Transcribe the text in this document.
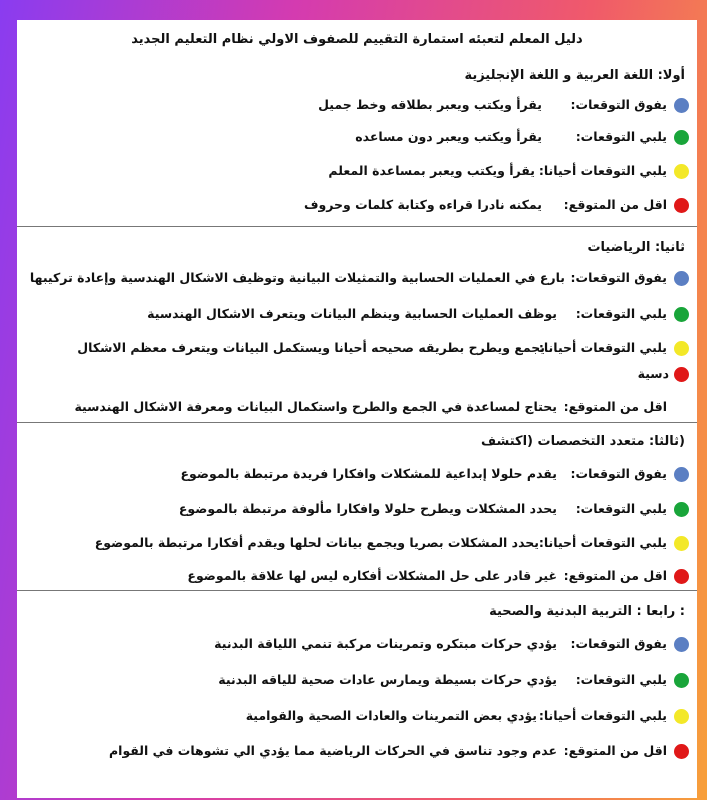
دليل المعلم لتعبئه استمارة التقييم للصفوف الاولي نظام التعليم الجديد
أولا: اللغة العربية و اللغة الإنجليزية
يفوق التوقعات:
يقرأ ويكتب ويعبر بطلاقه وخط جميل
يلبي التوقعات:
يقرأ ويكتب ويعبر دون مساعده
يلبي التوقعات أحيانا:
يقرأ ويكتب ويعبر بمساعدة المعلم
اقل من المتوقع:
يمكنه نادرا قراءه وكتابة كلمات وحروف
ثانيا: الرياضيات
يفوق التوقعات:
بارع في العمليات الحسابية والتمثيلات البيانية وتوظيف الاشكال الهندسية وإعادة تركيبها
يلبي التوقعات:
يوظف العمليات الحسابية وينظم البيانات ويتعرف الاشكال الهندسية
يلبي التوقعات أحيانا:
يجمع ويطرح بطريقه صحيحه أحيانا ويستكمل البيانات ويتعرف معظم الاشكال
دسية
اقل من المتوقع:
يحتاج لمساعدة في الجمع والطرح واستكمال البيانات ومعرفة الاشكال الهندسية
(ثالثا: متعدد التخصصات (اكتشف
يفوق التوقعات:
يقدم حلولا إبداعية للمشكلات وافكارا فريدة مرتبطة بالموضوع
يلبي التوقعات:
يحدد المشكلات ويطرح حلولا وافكارا مألوفة مرتبطة بالموضوع
يلبي التوقعات أحيانا:
يحدد المشكلات بصريا ويجمع بيانات لحلها ويقدم أفكارا مرتبطة بالموضوع
اقل من المتوقع:
غير قادر على حل المشكلات أفكاره ليس لها علاقة بالموضوع
: رابعا : التربية البدنية والصحية
يفوق التوقعات:
يؤدي حركات مبتكره وتمرينات مركبة تنمي اللياقة البدنية
يلبي التوقعات:
يؤدي حركات بسيطة ويمارس عادات صحية للياقه البدنية
يلبي التوقعات أحيانا:
يؤدي بعض التمرينات والعادات الصحية والقوامية
اقل من المتوقع:
عدم وجود تناسق في الحركات الرياضية مما يؤدي الي تشوهات في القوام
